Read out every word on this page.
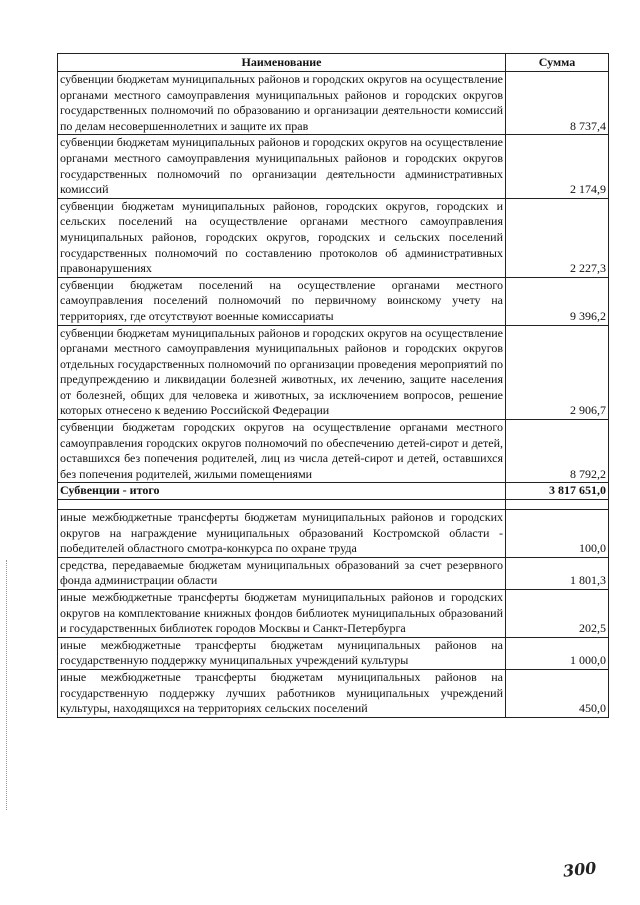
Наименование	Сумма
субвенции бюджетам муниципальных районов и городских округов на осуществление органами местного самоуправления муниципальных районов и городских округов государственных полномочий по образованию и организации деятельности комиссий по делам несовершеннолетних и защите их прав	8 737,4
субвенции бюджетам муниципальных районов и городских округов на осуществление органами местного самоуправления муниципальных районов и городских округов государственных полномочий по организации деятельности административных комиссий	2 174,9
субвенции бюджетам муниципальных районов, городских округов, городских и сельских поселений на осуществление органами местного самоуправления муниципальных районов, городских округов, городских и сельских поселений государственных полномочий по составлению протоколов об административных правонарушениях	2 227,3
субвенции бюджетам поселений на осуществление органами местного самоуправления поселений полномочий по первичному воинскому учету на территориях, где отсутствуют военные комиссариаты	9 396,2
субвенции бюджетам муниципальных районов и городских округов на осуществление органами местного самоуправления муниципальных районов и городских округов отдельных государственных полномочий по организации проведения мероприятий по предупреждению и ликвидации болезней животных, их лечению, защите населения от болезней, общих для человека и животных, за исключением вопросов, решение которых отнесено к ведению Российской Федерации	2 906,7
субвенции бюджетам городских округов на осуществление органами местного самоуправления городских округов полномочий по обеспечению детей-сирот и детей, оставшихся без попечения родителей, лиц из числа детей-сирот и детей, оставшихся без попечения родителей, жилыми помещениями	8 792,2
Субвенции - итого	3 817 651,0

иные межбюджетные трансферты бюджетам муниципальных районов и городских округов на награждение муниципальных образований Костромской области - победителей областного смотра-конкурса по охране труда	100,0
средства, передаваемые бюджетам муниципальных образований за счет резервного фонда администрации области	1 801,3
иные межбюджетные трансферты бюджетам муниципальных районов и городских округов на комплектование книжных фондов библиотек муниципальных образований и государственных библиотек городов Москвы и Санкт-Петербурга	202,5
иные межбюджетные трансферты бюджетам муниципальных районов на государственную поддержку муниципальных учреждений культуры	1 000,0
иные межбюджетные трансферты бюджетам муниципальных районов на государственную поддержку лучших работников муниципальных учреждений культуры, находящихся на территориях сельских поселений	450,0
300
